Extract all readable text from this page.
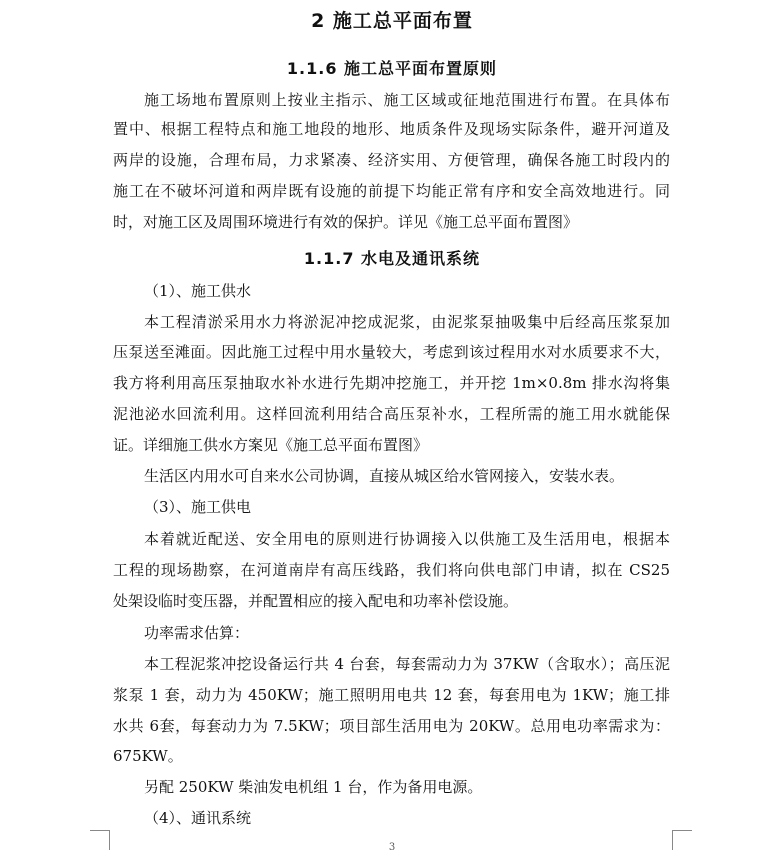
2 施工总平面布置
1.1.6 施工总平面布置原则
施工场地布置原则上按业主指示、施工区域或征地范围进行布置。在具体布
置中、根据工程特点和施工地段的地形、地质条件及现场实际条件，避开河道及
两岸的设施，合理布局，力求紧凑、经济实用、方便管理，确保各施工时段内的
施工在不破坏河道和两岸既有设施的前提下均能正常有序和安全高效地进行。同
时，对施工区及周围环境进行有效的保护。详见《施工总平面布置图》
1.1.7 水电及通讯系统
（1）、施工供水
本工程清淤采用水力将淤泥冲挖成泥浆，由泥浆泵抽吸集中后经高压浆泵加
压泵送至滩面。因此施工过程中用水量较大，考虑到该过程用水对水质要求不大，
我方将利用高压泵抽取水补水进行先期冲挖施工，并开挖 1m×0.8m 排水沟将集
泥池泌水回流利用。这样回流利用结合高压泵补水，工程所需的施工用水就能保
证。详细施工供水方案见《施工总平面布置图》
生活区内用水可自来水公司协调，直接从城区给水管网接入，安装水表。
（3）、施工供电
本着就近配送、安全用电的原则进行协调接入以供施工及生活用电，根据本
工程的现场勘察，在河道南岸有高压线路，我们将向供电部门申请，拟在 CS25
处架设临时变压器，并配置相应的接入配电和功率补偿设施。
功率需求估算：
本工程泥浆冲挖设备运行共 4 台套，每套需动力为 37KW（含取水）；高压泥
浆泵 1 套，动力为 450KW；施工照明用电共 12 套，每套用电为 1KW；施工排
水共 6套，每套动力为 7.5KW；项目部生活用电为 20KW。总用电功率需求为：
675KW。
另配 250KW 柴油发电机组 1 台，作为备用电源。
（4）、通讯系统
3
